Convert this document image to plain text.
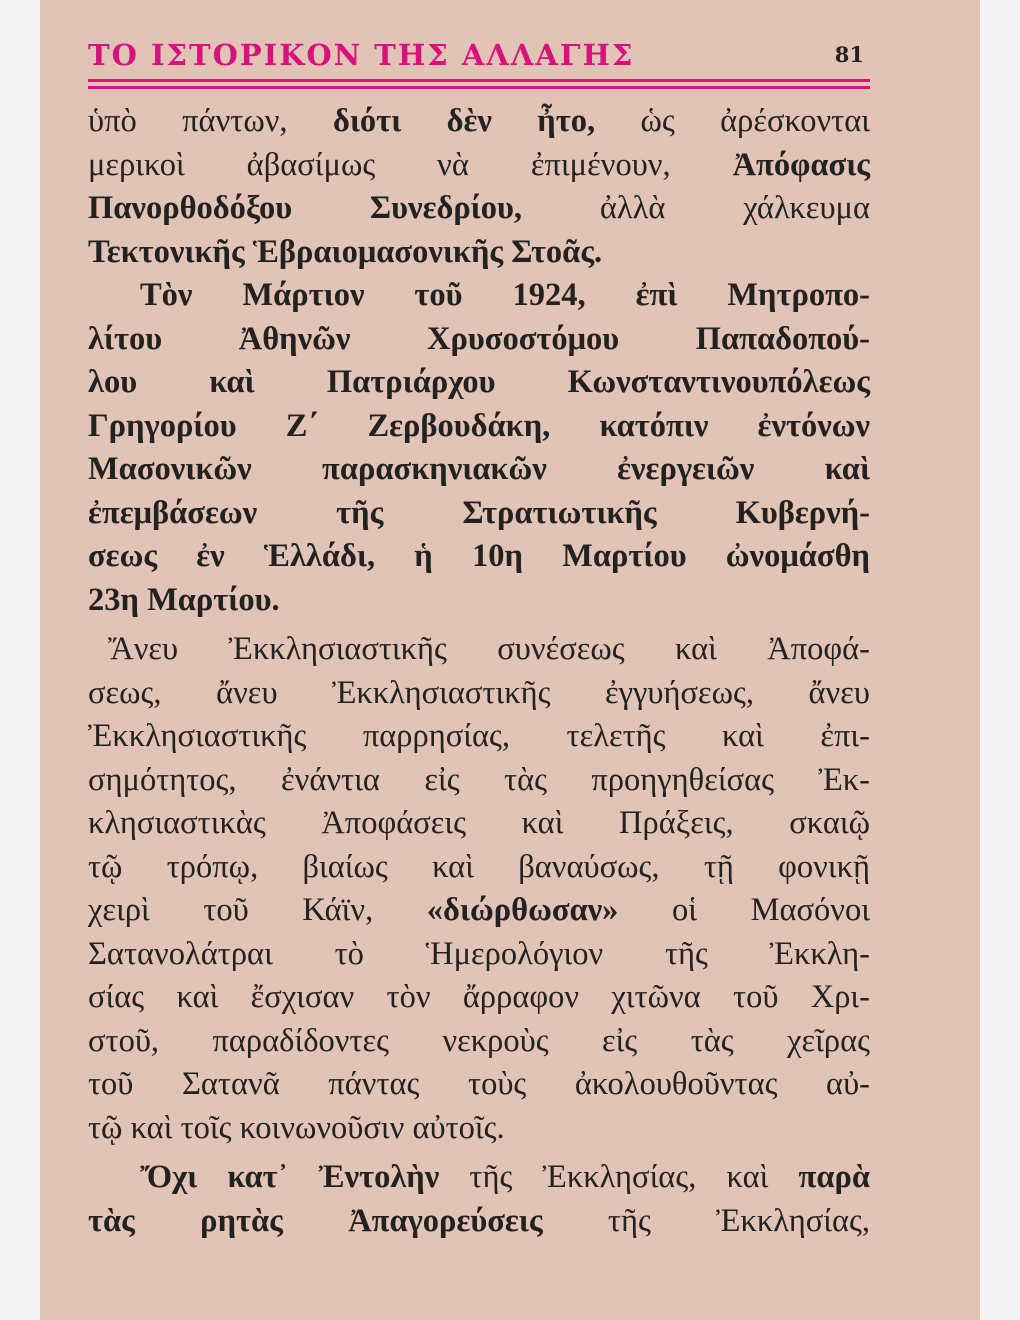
ΤΟ ΙΣΤΟΡΙΚΟΝ ΤΗΣ ΑΛΛΑΓΗΣ	81
ὑπὸ πάντων, διότι δὲν ἦτο, ὡς ἀρέσκονται
μερικοὶ ἀβασίμως νὰ ἐπιμένουν, Ἀπόφασις
Πανορθοδόξου Συνεδρίου, ἀλλὰ χάλκευμα
Τεκτονικῆς Ἑβραιομασονικῆς Στοᾶς.
Τὸν Μάρτιον τοῦ 1924, ἐπὶ Μητροπο-
λίτου Ἀθηνῶν Χρυσοστόμου Παπαδοπού-
λου καὶ Πατριάρχου Κωνσταντινουπόλεως
Γρηγορίου Ζ΄ Ζερβουδάκη, κατόπιν ἐντόνων
Μασονικῶν παρασκηνιακῶν ἐνεργειῶν καὶ
ἐπεμβάσεων τῆς Στρατιωτικῆς Κυβερνή-
σεως ἐν Ἑλλάδι, ἡ 10η Μαρτίου ὠνομάσθη
23η Μαρτίου.
Ἄνευ Ἐκκλησιαστικῆς συνέσεως καὶ Ἀποφά-
σεως, ἄνευ Ἐκκλησιαστικῆς ἐγγυήσεως, ἄνευ
Ἐκκλησιαστικῆς παρρησίας, τελετῆς καὶ ἐπι-
σημότητος, ἐνάντια εἰς τὰς προηγηθείσας Ἐκ-
κλησιαστικὰς Ἀποφάσεις καὶ Πράξεις, σκαιῷ
τῷ τρόπῳ, βιαίως καὶ βαναύσως, τῇ φονικῇ
χειρὶ τοῦ Κάϊν, «διώρθωσαν» οἱ Μασόνοι
Σατανολάτραι τὸ Ἡμερολόγιον τῆς Ἐκκλη-
σίας καὶ ἔσχισαν τὸν ἄρραφον χιτῶνα τοῦ Χρι-
στοῦ, παραδίδοντες νεκροὺς εἰς τὰς χεῖρας
τοῦ Σατανᾶ πάντας τοὺς ἀκολουθοῦντας αὐ-
τῷ καὶ τοῖς κοινωνοῦσιν αὐτοῖς.
Ὄχι κατ᾽ Ἐντολὴν τῆς Ἐκκλησίας, καὶ παρὰ
τὰς ρητὰς Ἀπαγορεύσεις τῆς Ἐκκλησίας,
